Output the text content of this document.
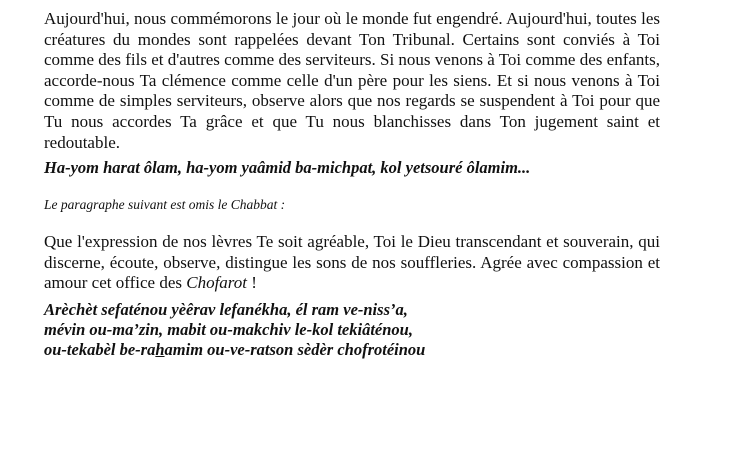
Aujourd'hui, nous commémorons le jour où le monde fut engendré. Aujourd'hui, toutes les créatures du mondes sont rappelées devant Ton Tribunal. Certains sont conviés à Toi comme des fils et d'autres comme des serviteurs. Si nous venons à Toi comme des enfants, accorde-nous Ta clémence comme celle d'un père pour les siens. Et si nous venons à Toi comme de simples serviteurs, observe alors que nos regards se suspendent à Toi pour que Tu nous accordes Ta grâce et que Tu nous blanchisses dans Ton jugement saint et redoutable.

Ha-yom harat ôlam, ha-yom yaâmid ba-michpat, kol yetsouré ôlamim...

Le paragraphe suivant est omis le Chabbat :

Que l'expression de nos lèvres Te soit agréable, Toi le Dieu transcendant et souverain, qui discerne, écoute, observe, distingue les sons de nos souffleries. Agrée avec compassion et amour cet office des Chofarot !

Arèchèt sefaténou yèêrav lefanékha, él ram ve-niss’a,
mévin ou-ma’zin, mabit ou-makchiv le-kol tekiâténou,
ou-tekabèl be-rahamim ou-ve-ratson sèdèr chofrotéinou
